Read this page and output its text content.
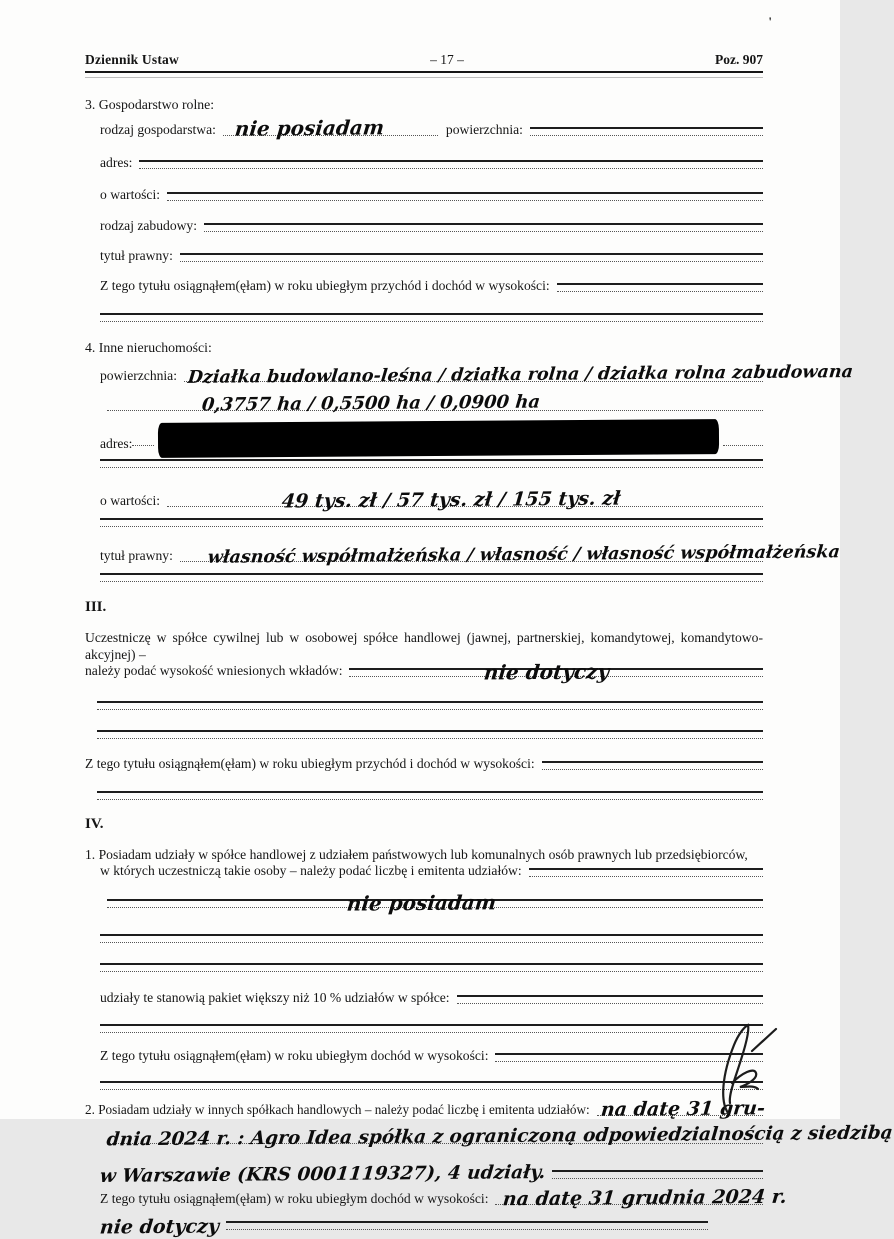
'
Dziennik Ustaw	– 17 –	Poz. 907

3. Gospodarstwo rolne:

rodzaj gospodarstwa: nie posiadam	powierzchnia:
adres:
o wartości:
rodzaj zabudowy:
tytuł prawny:
Z tego tytułu osiągnąłem(ęłam) w roku ubiegłym przychód i dochód w wysokości:

4. Inne nieruchomości:

powierzchnia: Działka budowlano-leśna / działka rolna / działka rolna zabudowana
0,3757 ha / 0,5500 ha / 0,0900 ha
adres:
o wartości:	49 tys. zł / 57 tys. zł / 155 tys. zł
tytuł prawny: własność współmałżeńska / własność / własność współmałżeńska

III.

Uczestniczę w spółce cywilnej lub w osobowej spółce handlowej (jawnej, partnerskiej, komandytowej, komandytowo-akcyjnej) –

należy podać wysokość wniesionych wkładów:	nie dotyczy
Z tego tytułu osiągnąłem(ęłam) w roku ubiegłym przychód i dochód w wysokości:

IV.

1. Posiadam udziały w spółce handlowej z udziałem państwowych lub komunalnych osób prawnych lub przedsiębiorców,

w których uczestniczą takie osoby – należy podać liczbę i emitenta udziałów:
nie posiadam
udziały te stanowią pakiet większy niż 10 % udziałów w spółce:
Z tego tytułu osiągnąłem(ęłam) w roku ubiegłym dochód w wysokości:
2. Posiadam udziały w innych spółkach handlowych – należy podać liczbę i emitenta udziałów: na datę 31 gru-
dnia 2024 r. : Agro Idea spółka z ograniczoną odpowiedzialnością z siedzibą
w Warszawie (KRS 0001119327), 4 udziały.
Z tego tytułu osiągnąłem(ęłam) w roku ubiegłym dochód w wysokości: na datę 31 grudnia 2024 r.
nie dotyczy
